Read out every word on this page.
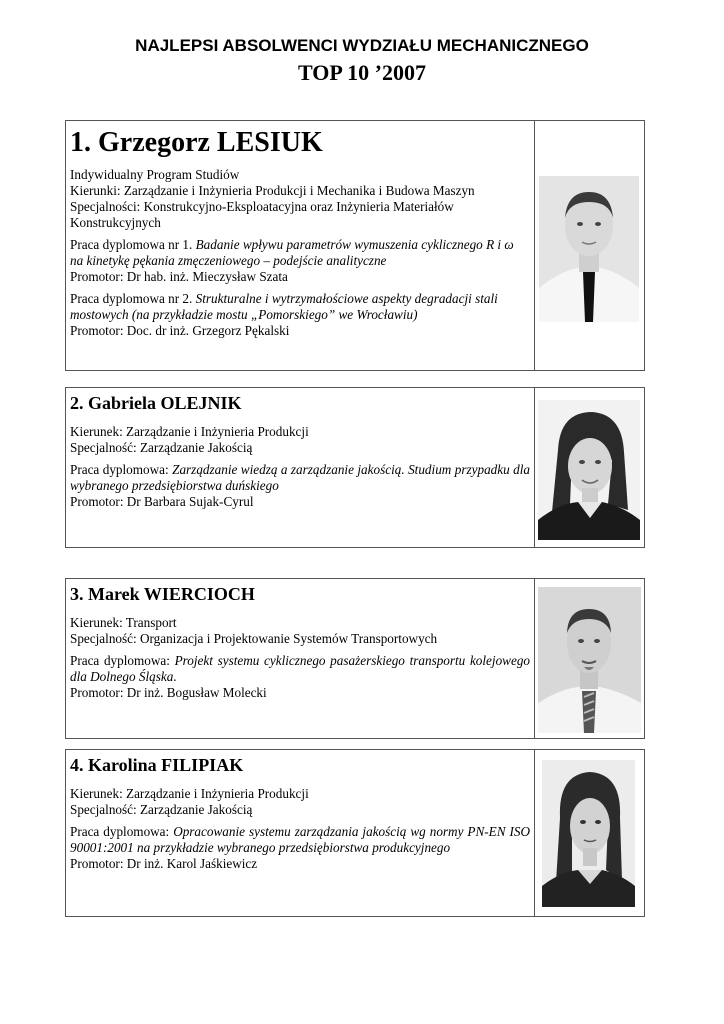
NAJLEPSI ABSOLWENCI WYDZIAŁU MECHANICZNEGO
TOP 10 ’2007
1. Grzegorz LESIUK
Indywidualny Program Studiów
Kierunki: Zarządzanie i Inżynieria Produkcji i Mechanika i Budowa Maszyn
Specjalności: Konstrukcyjno-Eksploatacyjna oraz Inżynieria Materiałów Konstrukcyjnych
Praca dyplomowa nr 1. Badanie wpływu parametrów wymuszenia cyklicznego R i ω na kinetykę pękania zmęczeniowego – podejście analityczne
Promotor: Dr hab. inż. Mieczysław Szata
Praca dyplomowa nr 2. Strukturalne i wytrzymałościowe aspekty degradacji stali mostowych (na przykładzie mostu „Pomorskiego” we Wrocławiu)
Promotor: Doc. dr inż. Grzegorz Pękalski
2. Gabriela OLEJNIK
Kierunek: Zarządzanie i Inżynieria Produkcji
Specjalność: Zarządzanie Jakością
Praca dyplomowa: Zarządzanie wiedzą a zarządzanie jakością. Studium przypadku dla wybranego przedsiębiorstwa duńskiego
Promotor: Dr Barbara Sujak-Cyrul
3. Marek WIERCIOCH
Kierunek: Transport
Specjalność: Organizacja i Projektowanie Systemów Transportowych
Praca dyplomowa: Projekt systemu cyklicznego pasażerskiego transportu kolejowego dla Dolnego Śląska.
Promotor: Dr inż. Bogusław Molecki
4. Karolina FILIPIAK
Kierunek: Zarządzanie i Inżynieria Produkcji
Specjalność: Zarządzanie Jakością
Praca dyplomowa: Opracowanie systemu zarządzania jakością wg normy PN-EN ISO 90001:2001 na przykładzie wybranego przedsiębiorstwa produkcyjnego
Promotor: Dr inż. Karol Jaśkiewicz
